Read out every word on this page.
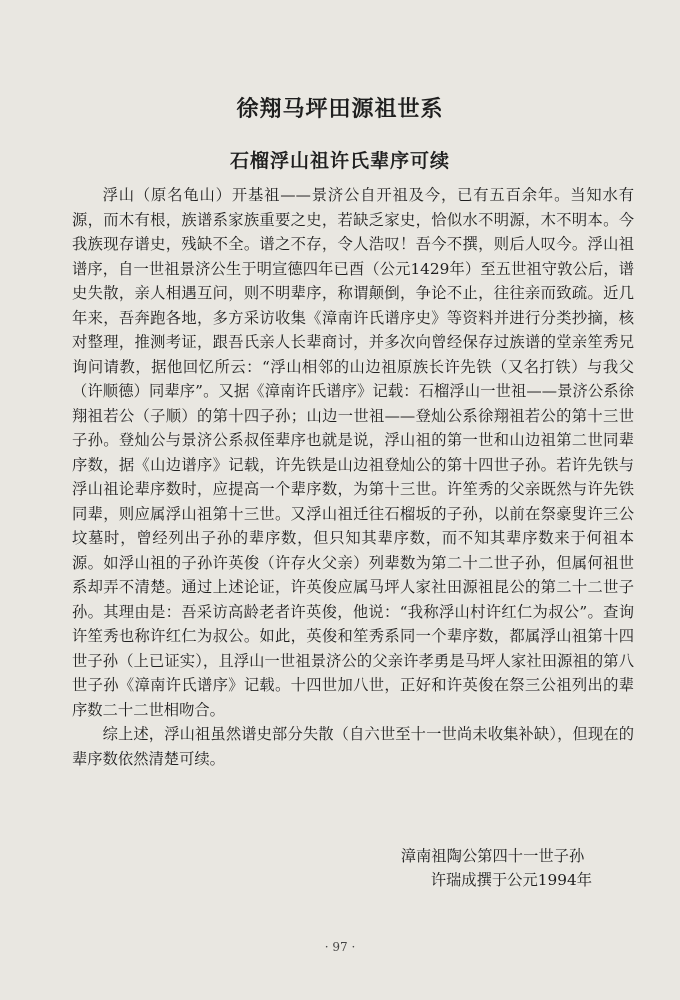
徐翔马坪田源祖世系
石榴浮山祖许氏辈序可续

浮山（原名龟山）开基祖——景济公自开祖及今，已有五百余年。当知水有源，而木有根，族谱系家族重要之史，若缺乏家史，恰似水不明源，木不明本。今我族现存谱史，残缺不全。谱之不存，令人浩叹！吾今不撰，则后人叹今。浮山祖谱序，自一世祖景济公生于明宣德四年已酉（公元1429年）至五世祖守敦公后，谱史失散，亲人相遇互问，则不明辈序，称谓颠倒，争论不止，往往亲而致疏。近几年来，吾奔跑各地，多方采访收集《漳南许氏谱序史》等资料并进行分类抄摘，核对整理，推测考证，跟吾氏亲人长辈商讨，并多次向曾经保存过族谱的堂亲笙秀兄询问请教，据他回忆所云：“浮山相邻的山边祖原族长许先铁（又名打铁）与我父（许顺德）同辈序”。又据《漳南许氏谱序》记载：石榴浮山一世祖——景济公系徐翔祖若公（子顺）的第十四子孙；山边一世祖——登灿公系徐翔祖若公的第十三世子孙。登灿公与景济公系叔侄辈序也就是说，浮山祖的第一世和山边祖第二世同辈序数，据《山边谱序》记载，许先铁是山边祖登灿公的第十四世子孙。若许先铁与浮山祖论辈序数时，应提高一个辈序数，为第十三世。许笙秀的父亲既然与许先铁同辈，则应属浮山祖第十三世。又浮山祖迁往石榴坂的子孙，以前在祭豪叟许三公坟墓时，曾经列出子孙的辈序数，但只知其辈序数，而不知其辈序数来于何祖本源。如浮山祖的子孙许英俊（许存火父亲）列辈数为第二十二世子孙，但属何祖世系却弄不清楚。通过上述论证，许英俊应属马坪人家社田源祖昆公的第二十二世子孙。其理由是：吾采访高龄老者许英俊，他说：“我称浮山村许红仁为叔公”。查询许笙秀也称许红仁为叔公。如此，英俊和笙秀系同一个辈序数，都属浮山祖第十四世子孙（上已证实），且浮山一世祖景济公的父亲许孝勇是马坪人家社田源祖的第八世子孙《漳南许氏谱序》记载。十四世加八世，正好和许英俊在祭三公祖列出的辈序数二十二世相吻合。

综上述，浮山祖虽然谱史部分失散（自六世至十一世尚未收集补缺），但现在的辈序数依然清楚可续。

漳南祖陶公第四十一世子孙
许瑞成撰于公元1994年
· 97 ·
